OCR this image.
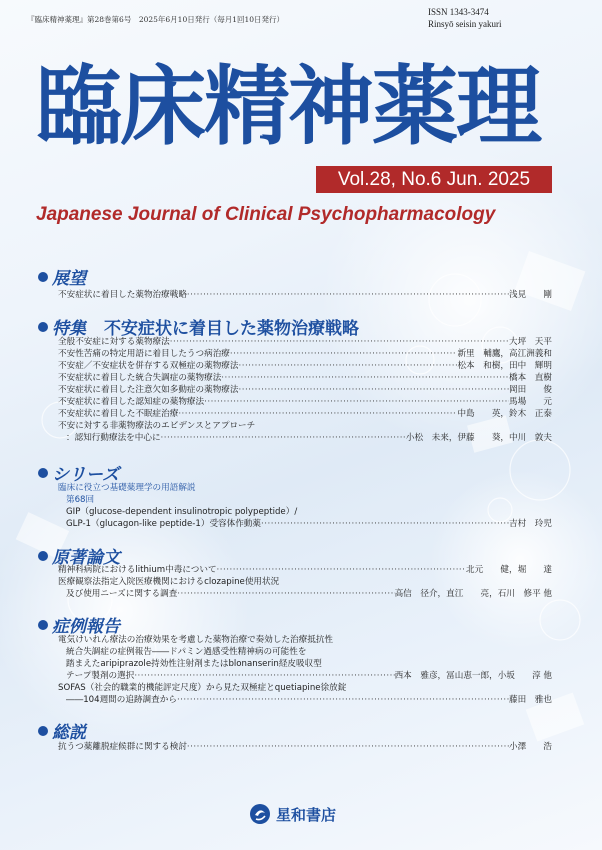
『臨床精神薬理』第28巻第6号　2025年6月10日発行（毎月1回10日発行）
ISSN 1343-3474
Rinsyō seisin yakuri
臨床精神薬理
Vol.28, No.6 Jun. 2025
Japanese Journal of Clinical Psychopharmacology
展望
不安症状に着目した薬物治療戦略 ·····	浅見　　剛
特集 不安症状に着目した薬物治療戦略
全般不安症に対する薬物療法 ·····	大坪　天平
不安性苦痛の特定用語に着目したうつ病治療 ·····	新里　輔鷹，高江洲義和
不安症／不安症状を併存する双極症の薬物療法 ·····	松本　和樹，田中　輝明
不安症状に着目した統合失調症の薬物療法 ·····	橋本　直樹
不安症状に着目した注意欠如多動症の薬物療法 ·····	岡田　　俊
不安症状に着目した認知症の薬物療法 ·····	馬場　　元
不安症状に着目した不眠症治療 ·····	中島　　英，鈴木　正泰
不安に対する非薬物療法のエビデンスとアプローチ
：認知行動療法を中心に ·····	小松　未来，伊藤　　葵，中川　敦夫
シリーズ
臨床に役立つ基礎薬理学の用語解説
第68回
GIP（glucose-dependent insulinotropic polypeptide）/
GLP-1（glucagon-like peptide-1）受容体作動薬 ·····	吉村　玲児
原著論文
精神科病院におけるlithium中毒について ·····	北元　　健，堀　　達
医療観察法指定入院医療機関におけるclozapine使用状況
及び使用ニーズに関する調査 ·····	高信　径介，直江　　亮，石川　修平 他
症例報告
電気けいれん療法の治療効果を考慮した薬物治療で奏効した治療抵抗性
統合失調症の症例報告――ドパミン過感受性精神病の可能性を
踏まえたaripiprazole持効性注射剤またはblonanserin経皮吸収型
テープ製剤の選択 ·····	西本　雅彦，冨山恵一郎，小坂　　淳 他
SOFAS（社会的職業的機能評定尺度）から見た双極症とquetiapine徐放錠
――104週間の追跡調査から ·····	藤田　雅也
総説
抗うつ薬離脱症候群に関する検討 ·····	小澤　　浩
星和書店
